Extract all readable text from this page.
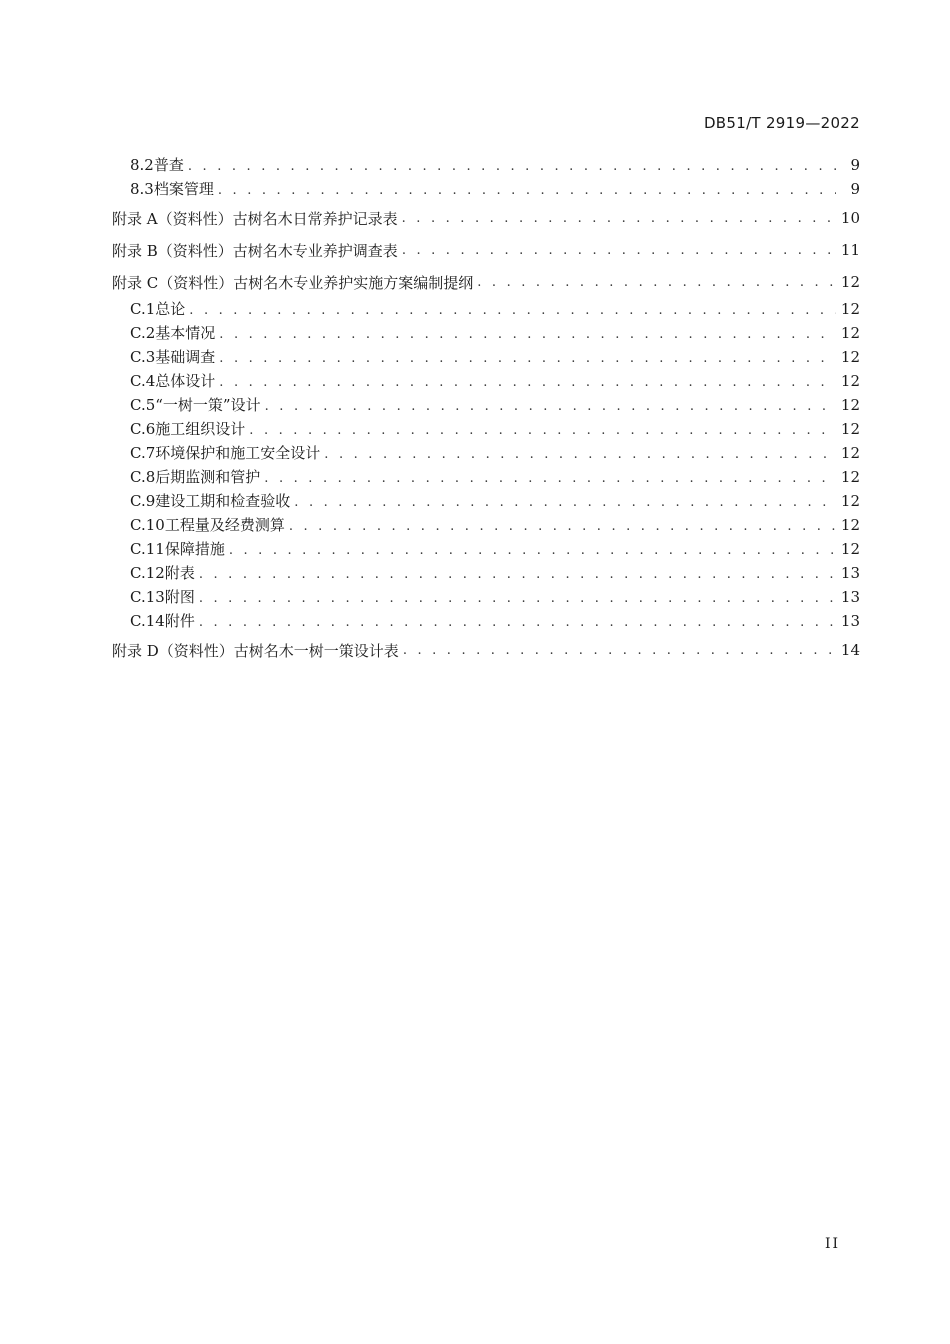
DB51/T 2919—2022
8.2 普查 . . .	9
8.3 档案管理 . . .	9
附录 A（资料性） 古树名木日常养护记录表 . . .	10
附录 B（资料性） 古树名木专业养护调查表 . . .	11
附录 C（资料性） 古树名木专业养护实施方案编制提纲 . . .	12
C.1 总论 . . .	12
C.2 基本情况 . . .	12
C.3 基础调查 . . .	12
C.4 总体设计 . . .	12
C.5 “一树一策”设计 . . .	12
C.6 施工组织设计 . . .	12
C.7 环境保护和施工安全设计 . . .	12
C.8 后期监测和管护 . . .	12
C.9 建设工期和检查验收 . . .	12
C.10 工程量及经费测算 . . .	12
C.11 保障措施 . . .	12
C.12 附表 . . .	13
C.13 附图 . . .	13
C.14 附件 . . .	13
附录 D（资料性） 古树名木一树一策设计表 . . .	14
II
